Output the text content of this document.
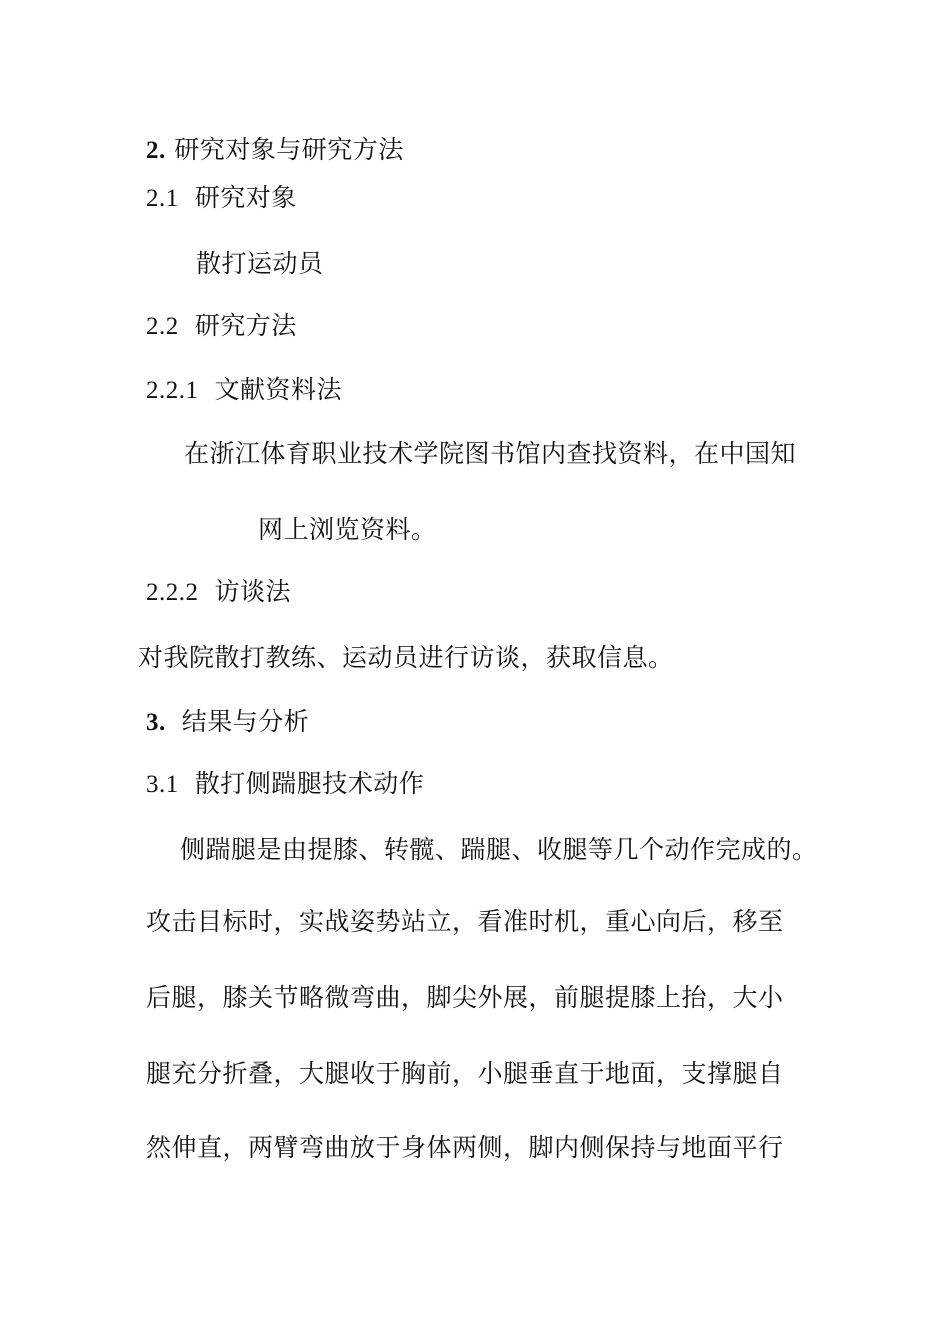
2. 研究对象与研究方法
2.1 研究对象
散打运动员
2.2 研究方法
2.2.1 文献资料法
在浙江体育职业技术学院图书馆内查找资料，在中国知
网上浏览资料。
2.2.2 访谈法
对我院散打教练、运动员进行访谈，获取信息。
3. 结果与分析
3.1 散打侧踹腿技术动作
侧踹腿是由提膝、转髋、踹腿、收腿等几个动作完成的。
攻击目标时，实战姿势站立，看准时机，重心向后，移至
后腿，膝关节略微弯曲，脚尖外展，前腿提膝上抬，大小
腿充分折叠，大腿收于胸前，小腿垂直于地面，支撑腿自
然伸直，两臂弯曲放于身体两侧，脚内侧保持与地面平行
